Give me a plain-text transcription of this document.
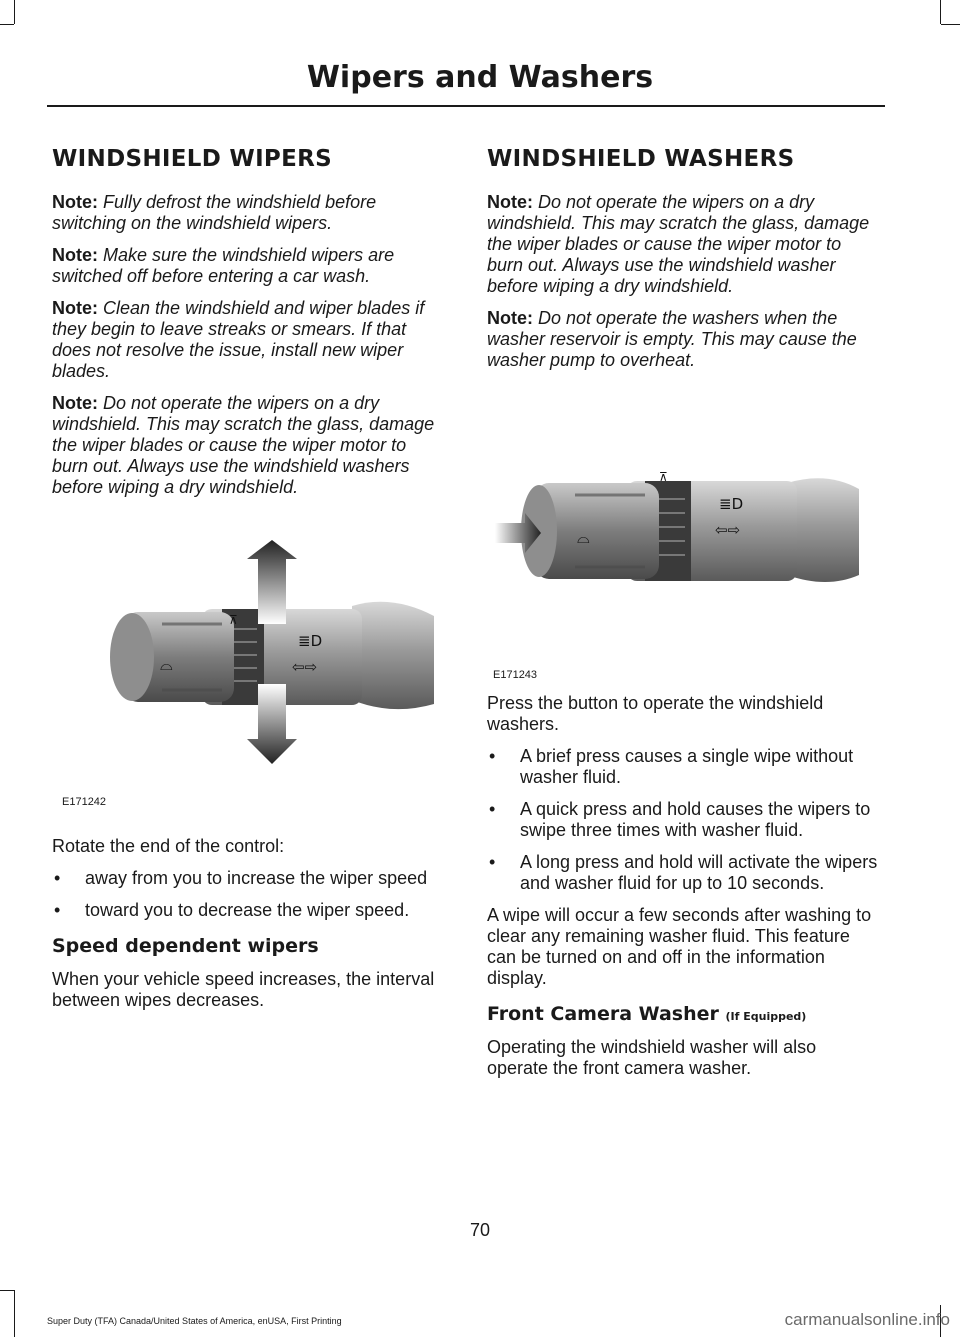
Wipers and Washers
WINDSHIELD WIPERS

Note: Fully defrost the windshield before switching on the windshield wipers.

Note: Make sure the windshield wipers are switched off before entering a car wash.

Note: Clean the windshield and wiper blades if they begin to leave streaks or smears. If that does not resolve the issue, install new wiper blades.

Note: Do not operate the wipers on a dry windshield. This may scratch the glass, damage the wiper blades or cause the wiper motor to burn out. Always use the windshield washers before wiping a dry windshield.

⌓
⊼
≣D
⇦⇨
E171242

Rotate the end of the control:

• away from you to increase the wiper speed
• toward you to decrease the wiper speed.
Speed dependent wipers

When your vehicle speed increases, the interval between wipes decreases.

WINDSHIELD WASHERS

Note: Do not operate the wipers on a dry windshield. This may scratch the glass, damage the wiper blades or cause the wiper motor to burn out. Always use the windshield washer before wiping a dry windshield.

Note: Do not operate the washers when the washer reservoir is empty. This may cause the washer pump to overheat.

⌓
⊼
≣D
⇦⇨
E171243

Press the button to operate the windshield washers.

• A brief press causes a single wipe without washer fluid.
• A quick press and hold causes the wipers to swipe three times with washer fluid.
• A long press and hold will activate the wipers and washer fluid for up to 10 seconds.

A wipe will occur a few seconds after washing to clear any remaining washer fluid. This feature can be turned on and off in the information display.

Front Camera Washer (If Equipped)

Operating the windshield washer will also operate the front camera washer.

70
Super Duty (TFA) Canada/United States of America, enUSA, First Printing	carmanualsonline.info
